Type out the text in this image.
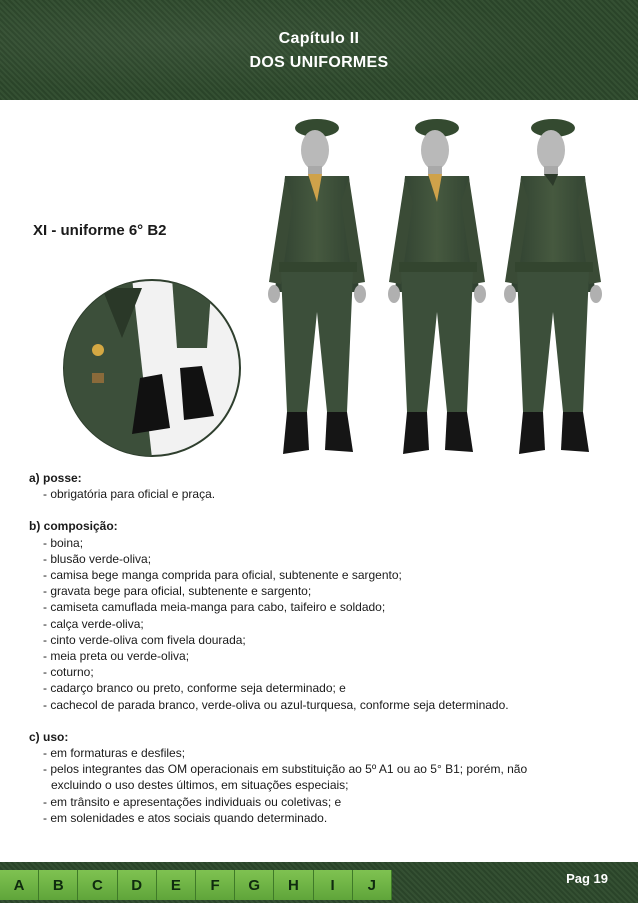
Capítulo II
DOS UNIFORMES
XI - uniforme 6° B2
a) posse:
- obrigatória para oficial e praça.
b) composição:
- boina;
- blusão verde-oliva;
- camisa bege manga comprida para oficial, subtenente e sargento;
- gravata bege para oficial, subtenente e sargento;
- camiseta camuflada meia-manga para cabo, taifeiro e soldado;
- calça verde-oliva;
- cinto verde-oliva com fivela dourada;
- meia preta ou verde-oliva;
- coturno;
- cadarço branco ou preto, conforme seja determinado; e
- cachecol de parada branco, verde-oliva ou azul-turquesa, conforme seja determinado.
c) uso:
- em formaturas e desfiles;
- pelos integrantes das OM operacionais em substituição ao 5º A1 ou ao 5° B1; porém, não
excluindo o uso destes últimos, em situações especiais;
- em trânsito e apresentações individuais ou coletivas; e
- em solenidades e atos sociais quando determinado.
A	B	C	D	E	F	G	H	I	J	Pag 19
